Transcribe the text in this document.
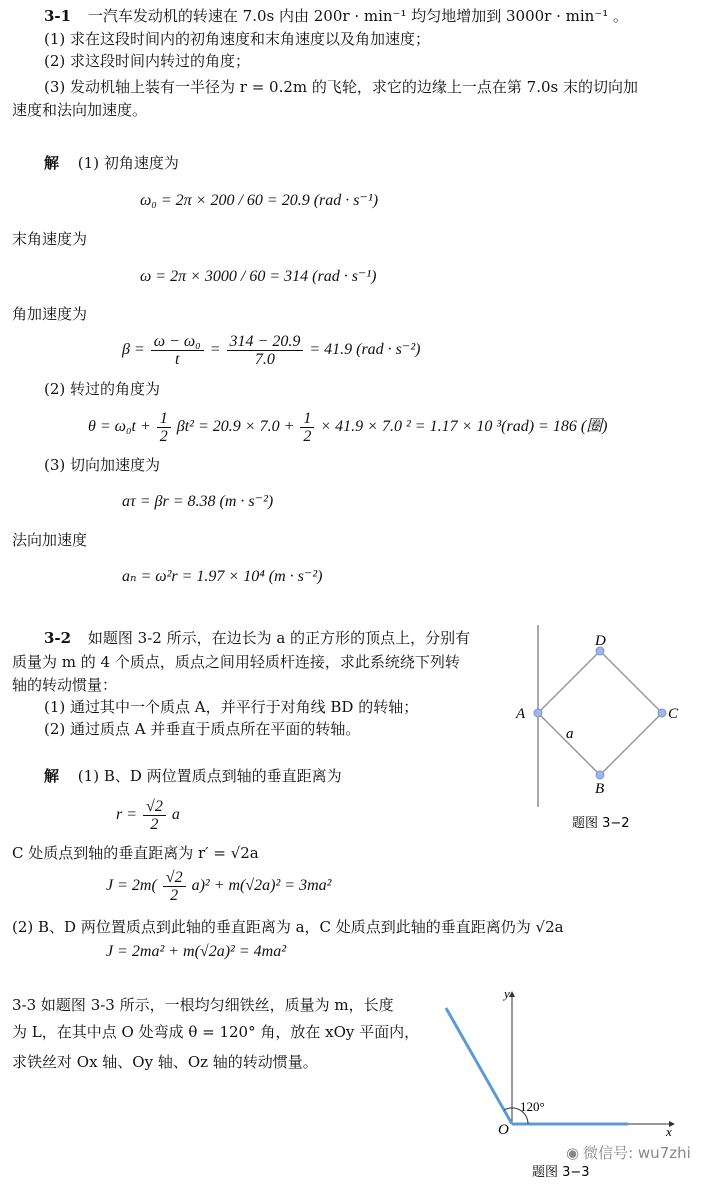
3-1 一汽车发动机的转速在 7.0s 内由 200r · min⁻¹ 均匀地增加到 3000r · min⁻¹ 。
(1) 求在这段时间内的初角速度和末角速度以及角加速度；
(2) 求这段时间内转过的角度；
(3) 发动机轴上装有一半径为 r = 0.2m 的飞轮，求它的边缘上一点在第 7.0s 末的切向加
速度和法向加速度。
解 (1) 初角速度为
ω₀ = 2π × 200 / 60 = 20.9 (rad · s⁻¹)
末角速度为
ω = 2π × 3000 / 60 = 314 (rad · s⁻¹)
角加速度为
$\beta = \frac{\text{ω − ω₀}}{t} = \frac{314 - 20.9}{7.0} = 41.9$ (rad · s⁻²)
(2) 转过的角度为
$\theta = \omega_0t + \frac{1}{2} \beta t^2 = 20.9 \times 7.0 + \frac{1}{2} \times 41.9 \times 7.0$ ² = 1.17 × 10 ³(rad) = 186 (圈)
(3) 切向加速度为
aτ = βr = 8.38 (m · s⁻²)
法向加速度
aₙ = ω²r = 1.97 × 10⁴ (m · s⁻²)
3-2 如题图 3-2 所示，在边长为 a 的正方形的顶点上，分别有
质量为 m 的 4 个质点，质点之间用轻质杆连接，求此系统绕下列转
轴的转动惯量：
(1) 通过其中一个质点 A，并平行于对角线 BD 的转轴；
(2) 通过质点 A 并垂直于质点所在平面的转轴。
解 (1) B、D 两位置质点到轴的垂直距离为
$r = \frac{√2}{2}$ a
C 处质点到轴的垂直距离为 r′ = √2a
$J = 2m( \frac{√2}{2} a)^2 + m(√2a)^2 = 3ma^2$
(2) B、D 两位置质点到此轴的垂直距离为 a，C 处质点到此轴的垂直距离仍为 √2a
J = 2ma² + m(√2a)² = 4ma²
D
C
B
A
a
题图 3−2
3-3 如题图 3-3 所示，一根均匀细铁丝，质量为 m，长度
为 L，在其中点 O 处弯成 θ = 120° 角，放在 xOy 平面内，
求铁丝对 Ox 轴、Oy 轴、Oz 轴的转动惯量。
y
x
O
120°
题图 3−3
◉ 微信号: wu7zhi
